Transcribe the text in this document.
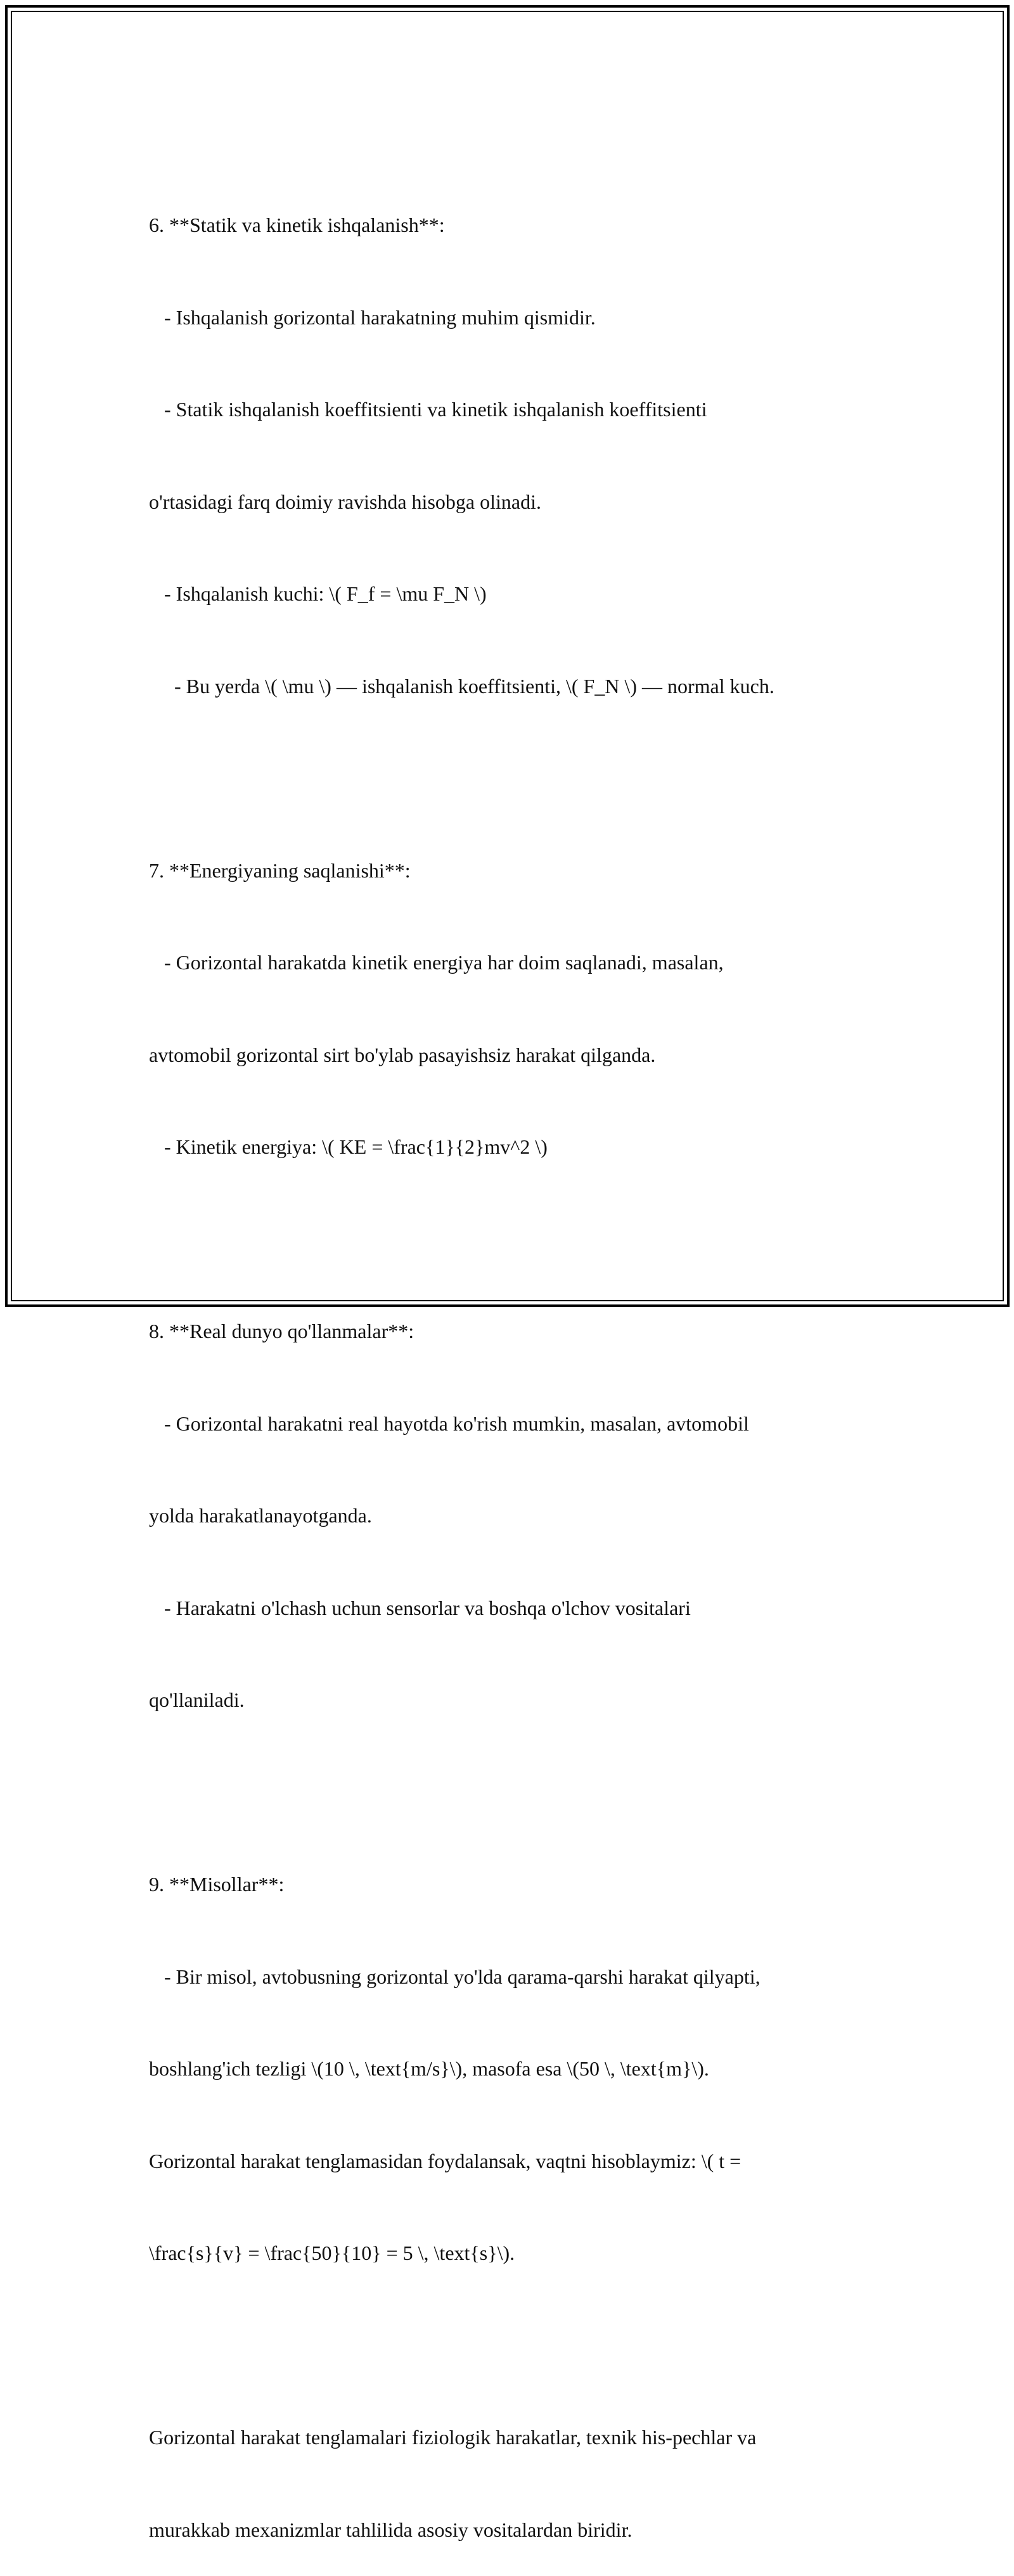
6. **Statik va kinetik ishqalanish**:

- Ishqalanish gorizontal harakatning muhim qismidir.

- Statik ishqalanish koeffitsienti va kinetik ishqalanish koeffitsienti

o'rtasidagi farq doimiy ravishda hisobga olinadi.

- Ishqalanish kuchi: \( F_f = \mu F_N \)

- Bu yerda \( \mu \) — ishqalanish koeffitsienti, \( F_N \) — normal kuch.

7. **Energiyaning saqlanishi**:

- Gorizontal harakatda kinetik energiya har doim saqlanadi, masalan,

avtomobil gorizontal sirt bo'ylab pasayishsiz harakat qilganda.

- Kinetik energiya: \( KE = \frac{1}{2}mv^2 \)

8. **Real dunyo qo'llanmalar**:

- Gorizontal harakatni real hayotda ko'rish mumkin, masalan, avtomobil

yolda harakatlanayotganda.

- Harakatni o'lchash uchun sensorlar va boshqa o'lchov vositalari

qo'llaniladi.

9. **Misollar**:

- Bir misol, avtobusning gorizontal yo'lda qarama-qarshi harakat qilyapti,

boshlang'ich tezligi \(10 \, \text{m/s}\), masofa esa \(50 \, \text{m}\).

Gorizontal harakat tenglamasidan foydalansak, vaqtni hisoblaymiz: \( t =

\frac{s}{v} = \frac{50}{10} = 5 \, \text{s}\).

Gorizontal harakat tenglamalari fiziologik harakatlar, texnik his-pechlar va

murakkab mexanizmlar tahlilida asosiy vositalardan biridir.
